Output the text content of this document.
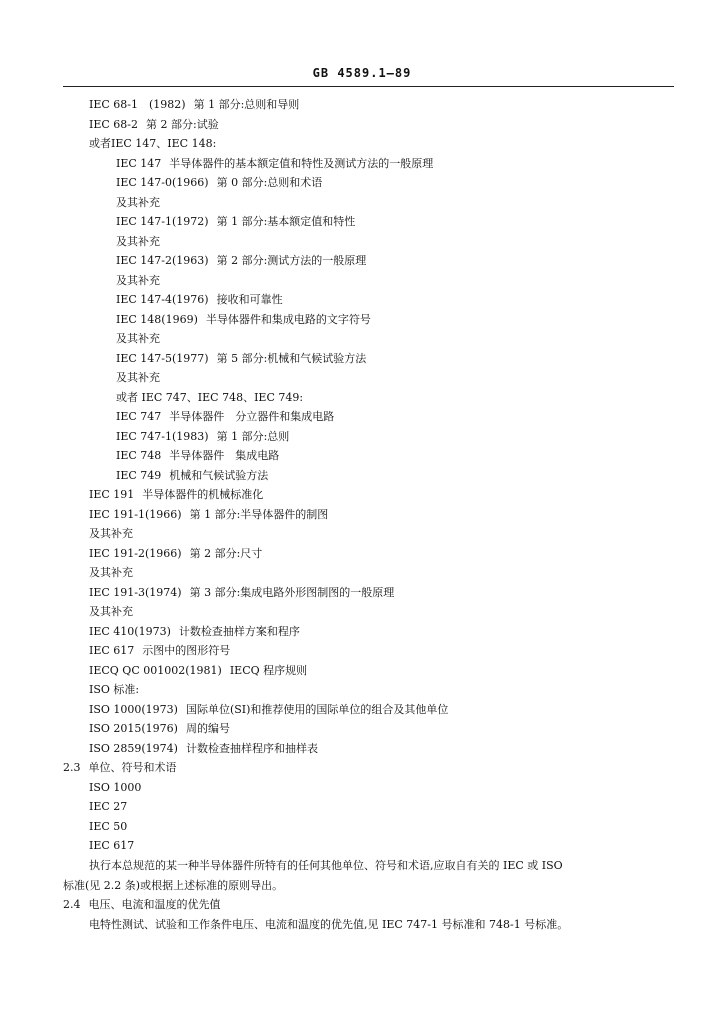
GB 4589.1—89
IEC 68-1　(1982) 第 1 部分:总则和导则
IEC 68-2 第 2 部分:试验
或者IEC 147、IEC 148:
IEC 147 半导体器件的基本额定值和特性及测试方法的一般原理
IEC 147-0(1966) 第 0 部分:总则和术语
及其补充
IEC 147-1(1972) 第 1 部分:基本额定值和特性
及其补充
IEC 147-2(1963) 第 2 部分:测试方法的一般原理
及其补充
IEC 147-4(1976) 接收和可靠性
IEC 148(1969) 半导体器件和集成电路的文字符号
及其补充
IEC 147-5(1977) 第 5 部分:机械和气候试验方法
及其补充
或者 IEC 747、IEC 748、IEC 749:
IEC 747 半导体器件　分立器件和集成电路
IEC 747-1(1983) 第 1 部分:总则
IEC 748 半导体器件　集成电路
IEC 749 机械和气候试验方法
IEC 191 半导体器件的机械标准化
IEC 191-1(1966) 第 1 部分:半导体器件的制图
及其补充
IEC 191-2(1966) 第 2 部分:尺寸
及其补充
IEC 191-3(1974) 第 3 部分:集成电路外形图制图的一般原理
及其补充
IEC 410(1973) 计数检查抽样方案和程序
IEC 617 示图中的图形符号
IECQ QC 001002(1981) IECQ 程序规则
ISO 标准:
ISO 1000(1973) 国际单位(SI)和推荐使用的国际单位的组合及其他单位
ISO 2015(1976) 周的编号
ISO 2859(1974) 计数检查抽样程序和抽样表
2.3 单位、符号和术语
ISO 1000
IEC 27
IEC 50
IEC 617
执行本总规范的某一种半导体器件所特有的任何其他单位、符号和术语,应取自有关的 IEC 或 ISO
标准(见 2.2 条)或根据上述标准的原则导出。
2.4 电压、电流和温度的优先值
电特性测试、试验和工作条件电压、电流和温度的优先值,见 IEC 747-1 号标准和 748-1 号标准。
